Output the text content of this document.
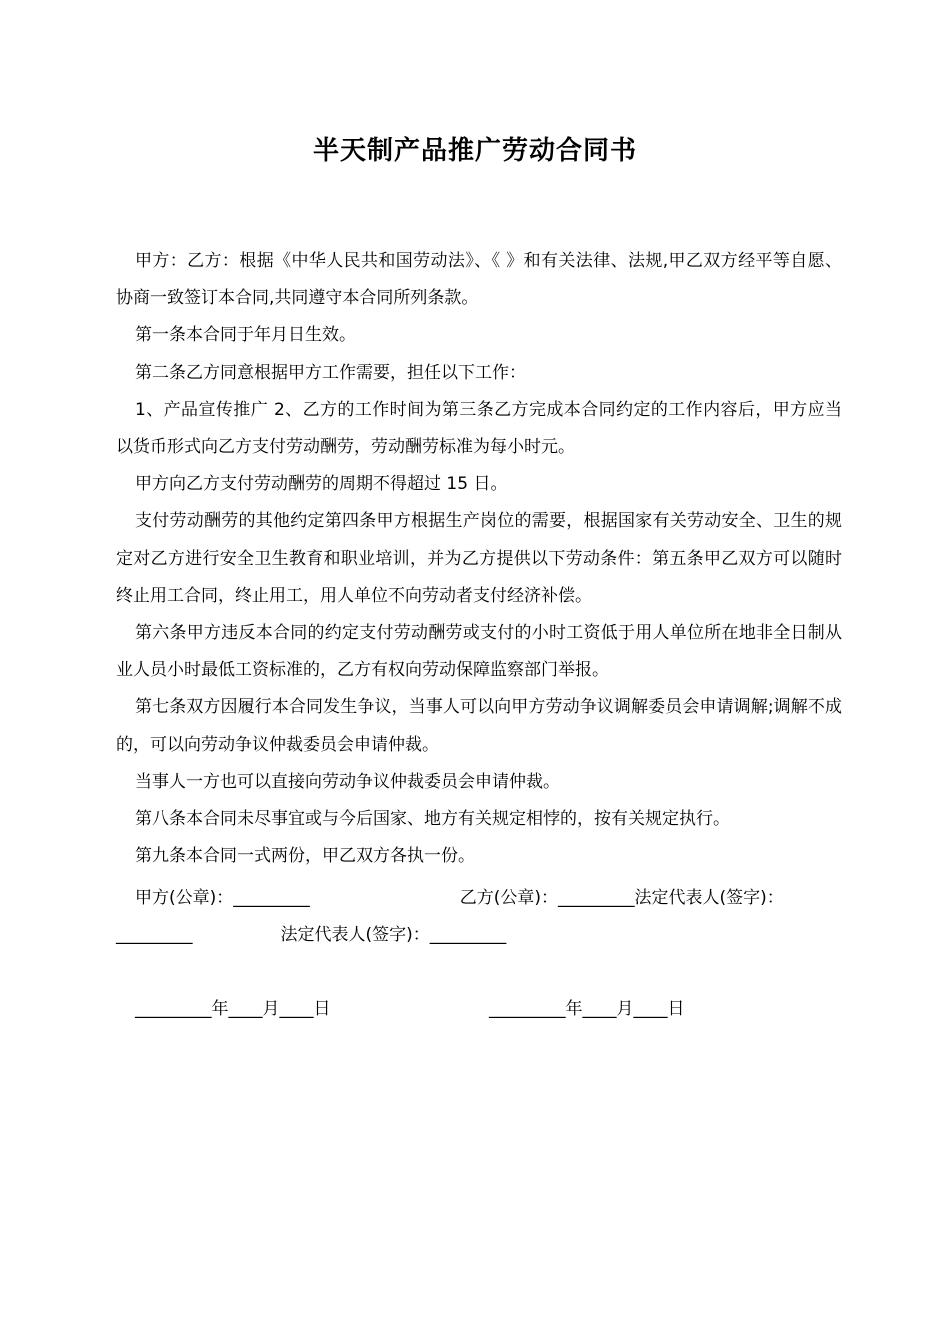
半天制产品推广劳动合同书

甲方：乙方：根据《中华人民共和国劳动法》、《 》和有关法律、法规,甲乙双方经平等自愿、协商一致签订本合同,共同遵守本合同所列条款。

第一条本合同于年月日生效。

第二条乙方同意根据甲方工作需要，担任以下工作：

1、产品宣传推广 2、乙方的工作时间为第三条乙方完成本合同约定的工作内容后，甲方应当以货币形式向乙方支付劳动酬劳，劳动酬劳标准为每小时元。

甲方向乙方支付劳动酬劳的周期不得超过 15 日。

支付劳动酬劳的其他约定第四条甲方根据生产岗位的需要，根据国家有关劳动安全、卫生的规定对乙方进行安全卫生教育和职业培训，并为乙方提供以下劳动条件：第五条甲乙双方可以随时终止用工合同，终止用工，用人单位不向劳动者支付经济补偿。

第六条甲方违反本合同的约定支付劳动酬劳或支付的小时工资低于用人单位所在地非全日制从业人员小时最低工资标准的，乙方有权向劳动保障监察部门举报。

第七条双方因履行本合同发生争议，当事人可以向甲方劳动争议调解委员会申请调解;调解不成的，可以向劳动争议仲裁委员会申请仲裁。

当事人一方也可以直接向劳动争议仲裁委员会申请仲裁。

第八条本合同未尽事宜或与今后国家、地方有关规定相悖的，按有关规定执行。

第九条本合同一式两份，甲乙双方各执一份。

甲方(公章)：_________	乙方(公章)：_________法定代表人(签字)：_________	法定代表人(签字)：_________
_________年____月____日	_________年____月____日
